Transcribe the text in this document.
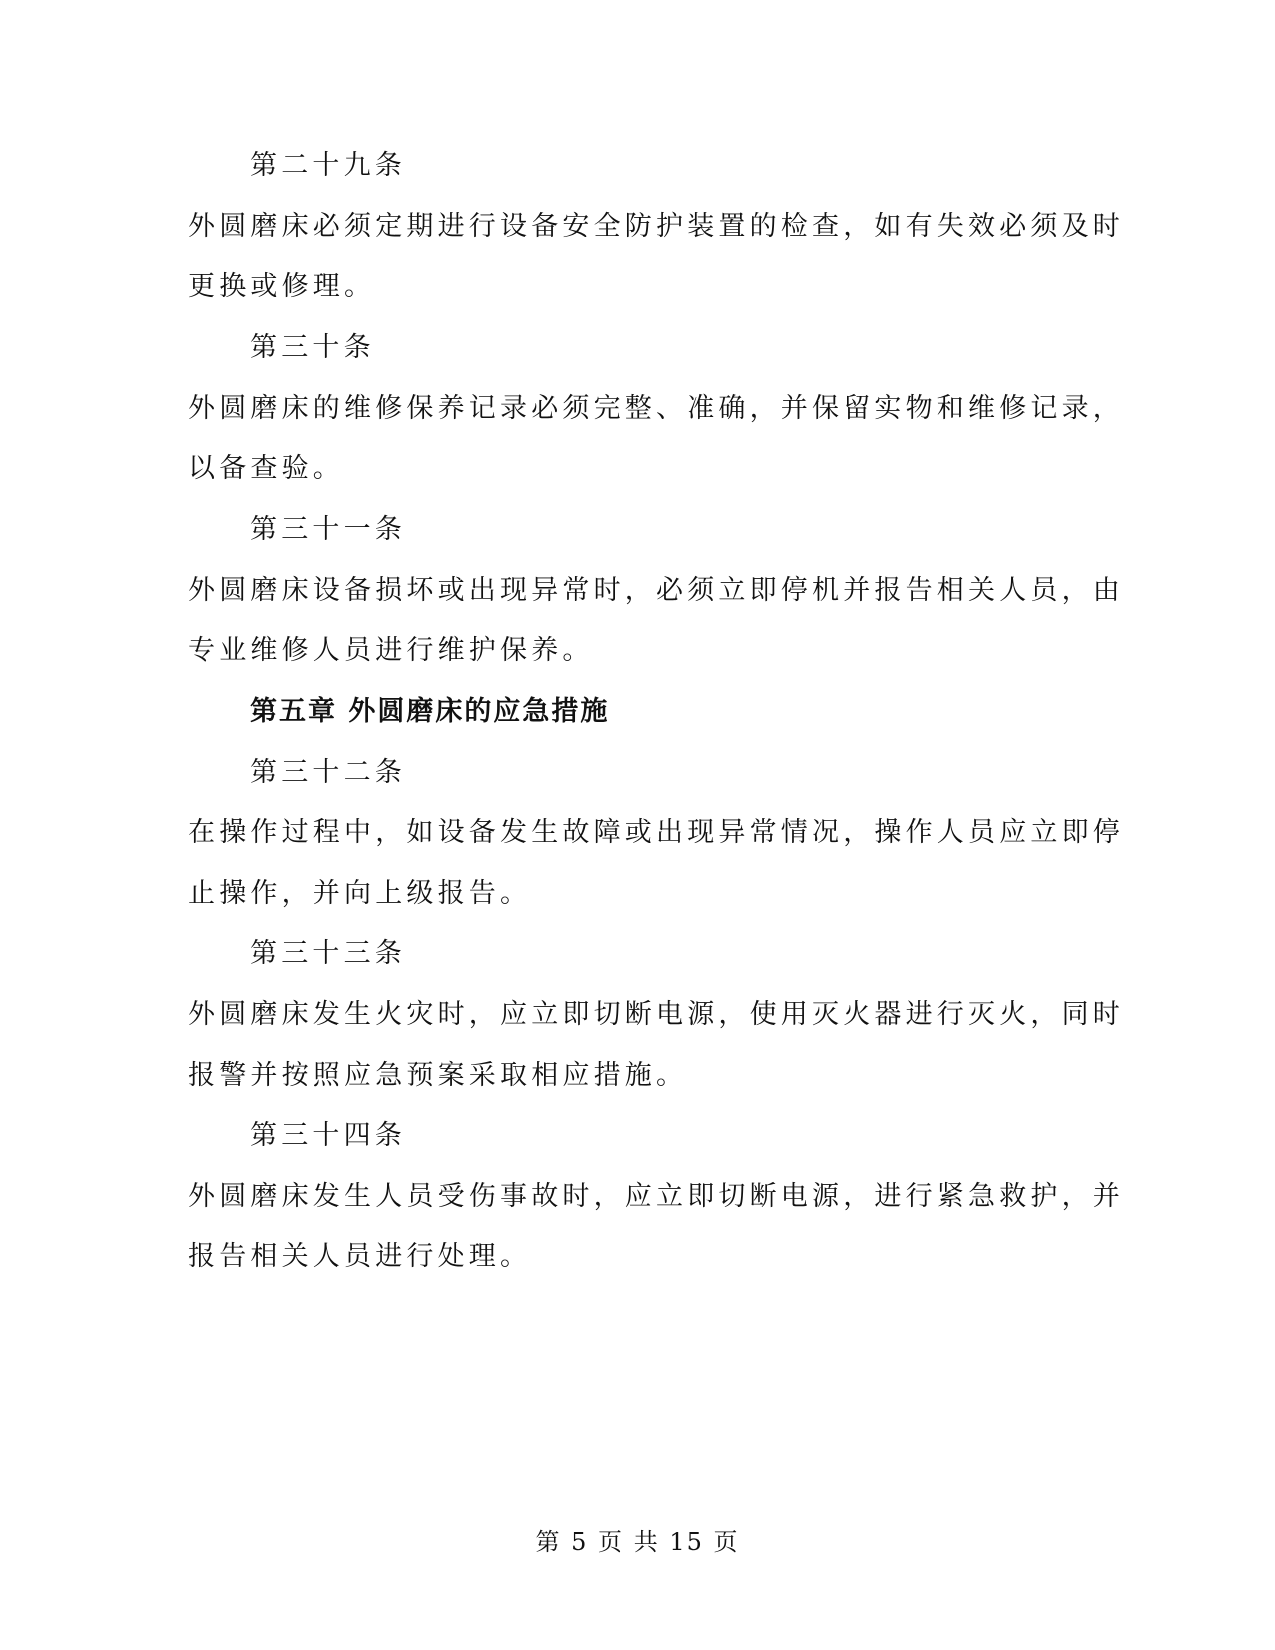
第二十九条
外圆磨床必须定期进行设备安全防护装置的检查，如有失效必须及时
更换或修理。
第三十条
外圆磨床的维修保养记录必须完整、准确，并保留实物和维修记录，
以备查验。
第三十一条
外圆磨床设备损坏或出现异常时，必须立即停机并报告相关人员，由
专业维修人员进行维护保养。
第五章 外圆磨床的应急措施
第三十二条
在操作过程中，如设备发生故障或出现异常情况，操作人员应立即停
止操作，并向上级报告。
第三十三条
外圆磨床发生火灾时，应立即切断电源，使用灭火器进行灭火，同时
报警并按照应急预案采取相应措施。
第三十四条
外圆磨床发生人员受伤事故时，应立即切断电源，进行紧急救护，并
报告相关人员进行处理。
第 5 页 共 15 页
